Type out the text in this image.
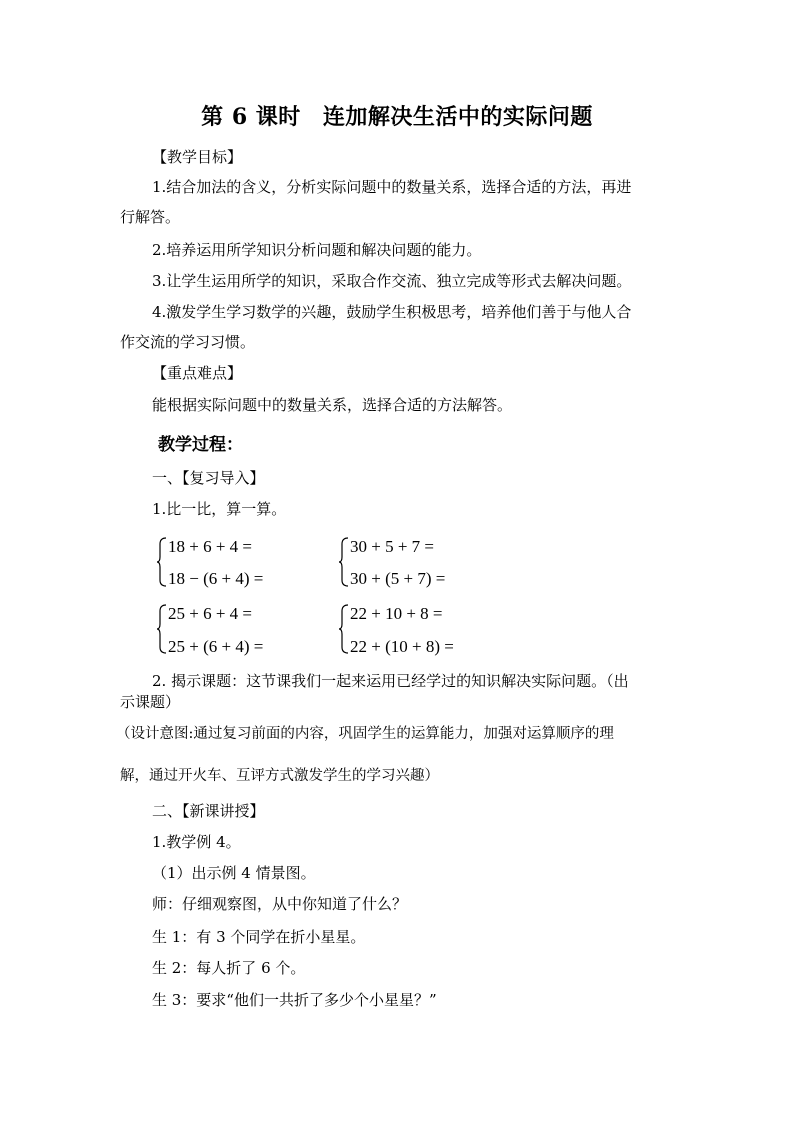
第 6 课时 连加解决生活中的实际问题
【教学目标】
1.结合加法的含义，分析实际问题中的数量关系，选择合适的方法，再进
行解答。
2.培养运用所学知识分析问题和解决问题的能力。
3.让学生运用所学的知识，采取合作交流、独立完成等形式去解决问题。
4.激发学生学习数学的兴趣，鼓励学生积极思考，培养他们善于与他人合
作交流的学习习惯。
【重点难点】
能根据实际问题中的数量关系，选择合适的方法解答。
教学过程：
一、【复习导入】
1.比一比，算一算。
18 + 6 + 4 =
18 − (6 + 4) =
30 + 5 + 7 =
30 + (5 + 7) =
25 + 6 + 4 =
25 + (6 + 4) =
22 + 10 + 8 =
22 + (10 + 8) =
2. 揭示课题：这节课我们一起来运用已经学过的知识解决实际问题。（出
示课题）
（设计意图:通过复习前面的内容，巩固学生的运算能力，加强对运算顺序的理
解，通过开火车、互评方式激发学生的学习兴趣）
二、【新课讲授】
1.教学例 4。
（1）出示例 4 情景图。
师：仔细观察图，从中你知道了什么？
生 1：有 3 个同学在折小星星。
生 2：每人折了 6 个。
生 3：要求“他们一共折了多少个小星星？”
